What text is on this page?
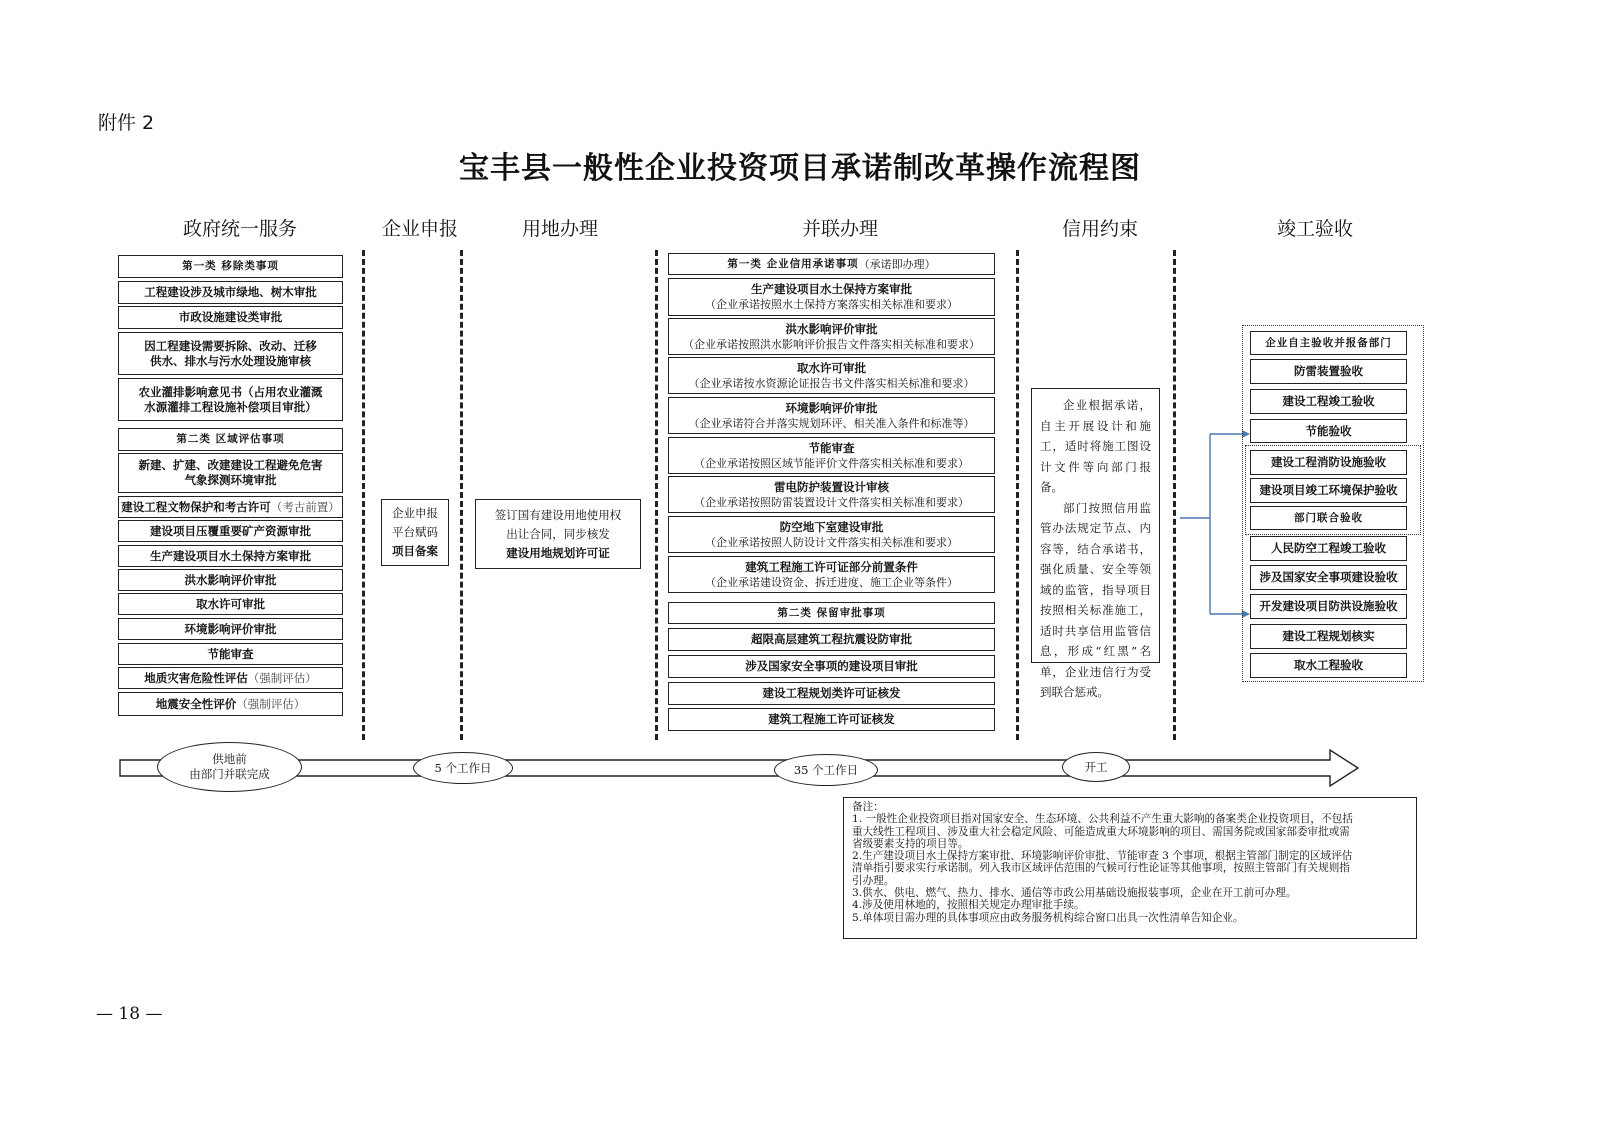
附件 2
宝丰县一般性企业投资项目承诺制改革操作流程图
政府统一服务	企业申报	用地办理	并联办理	信用约束	竣工验收
第一类 移除类事项
工程建设涉及城市绿地、树木审批
市政设施建设类审批
因工程建设需要拆除、改动、迁移
供水、排水与污水处理设施审核
农业灌排影响意见书（占用农业灌溉
水源灌排工程设施补偿项目审批）
第二类 区域评估事项
新建、扩建、改建建设工程避免危害
气象探测环境审批
建设工程文物保护和考古许可 （考古前置）
建设项目压覆重要矿产资源审批
生产建设项目水土保持方案审批
洪水影响评价审批
取水许可审批
环境影响评价审批
节能审查
地质灾害危险性评估 （强制评估）
地震安全性评价 （强制评估）
企业申报
平台赋码
项目备案
签订国有建设用地使用权
出让合同，同步核发
建设用地规划许可证
第一类 企业信用承诺事项 （承诺即办理）
生产建设项目水土保持方案审批
（企业承诺按照水土保持方案落实相关标准和要求）
洪水影响评价审批
（企业承诺按照洪水影响评价报告文件落实相关标准和要求）
取水许可审批
（企业承诺按水资源论证报告书文件落实相关标准和要求）
环境影响评价审批
（企业承诺符合并落实规划环评、相关准入条件和标准等）
节能审查
（企业承诺按照区域节能评价文件落实相关标准和要求）
雷电防护装置设计审核
（企业承诺按照防雷装置设计文件落实相关标准和要求）
防空地下室建设审批
（企业承诺按照人防设计文件落实相关标准和要求）
建筑工程施工许可证部分前置条件
（企业承诺建设资金、拆迁进度、施工企业等条件）
第二类 保留审批事项
超限高层建筑工程抗震设防审批
涉及国家安全事项的建设项目审批
建设工程规划类许可证核发
建筑工程施工许可证核发

企业根据承诺，自主开展设计和施工，适时将施工图设计文件等向部门报备。

部门按照信用监管办法规定节点、内容等，结合承诺书，强化质量、安全等领域的监管，指导项目按照相关标准施工，适时共享信用监管信息，形成“红黑”名单，企业违信行为受到联合惩戒。

企业自主验收并报备部门
防雷装置验收
建设工程竣工验收
节能验收
建设工程消防设施验收
建设项目竣工环境保护验收
部门联合验收
人民防空工程竣工验收
涉及国家安全事项建设验收
开发建设项目防洪设施验收
建设工程规划核实
取水工程验收
供地前
由部门并联完成	5 个工作日	35 个工作日	开工
备注：
1. 一般性企业投资项目指对国家安全、生态环境、公共利益不产生重大影响的备案类企业投资项目，不包括
重大线性工程项目、涉及重大社会稳定风险、可能造成重大环境影响的项目、需国务院或国家部委审批或需
省级要素支持的项目等。
2.生产建设项目水土保持方案审批、环境影响评价审批、节能审查 3 个事项，根据主管部门制定的区域评估
清单指引要求实行承诺制。列入我市区域评估范围的气候可行性论证等其他事项，按照主管部门有关规则指
引办理。
3.供水、供电、燃气、热力、排水、通信等市政公用基础设施报装事项，企业在开工前可办理。
4.涉及使用林地的，按照相关规定办理审批手续。
5.单体项目需办理的具体事项应由政务服务机构综合窗口出具一次性清单告知企业。
— 18 —
